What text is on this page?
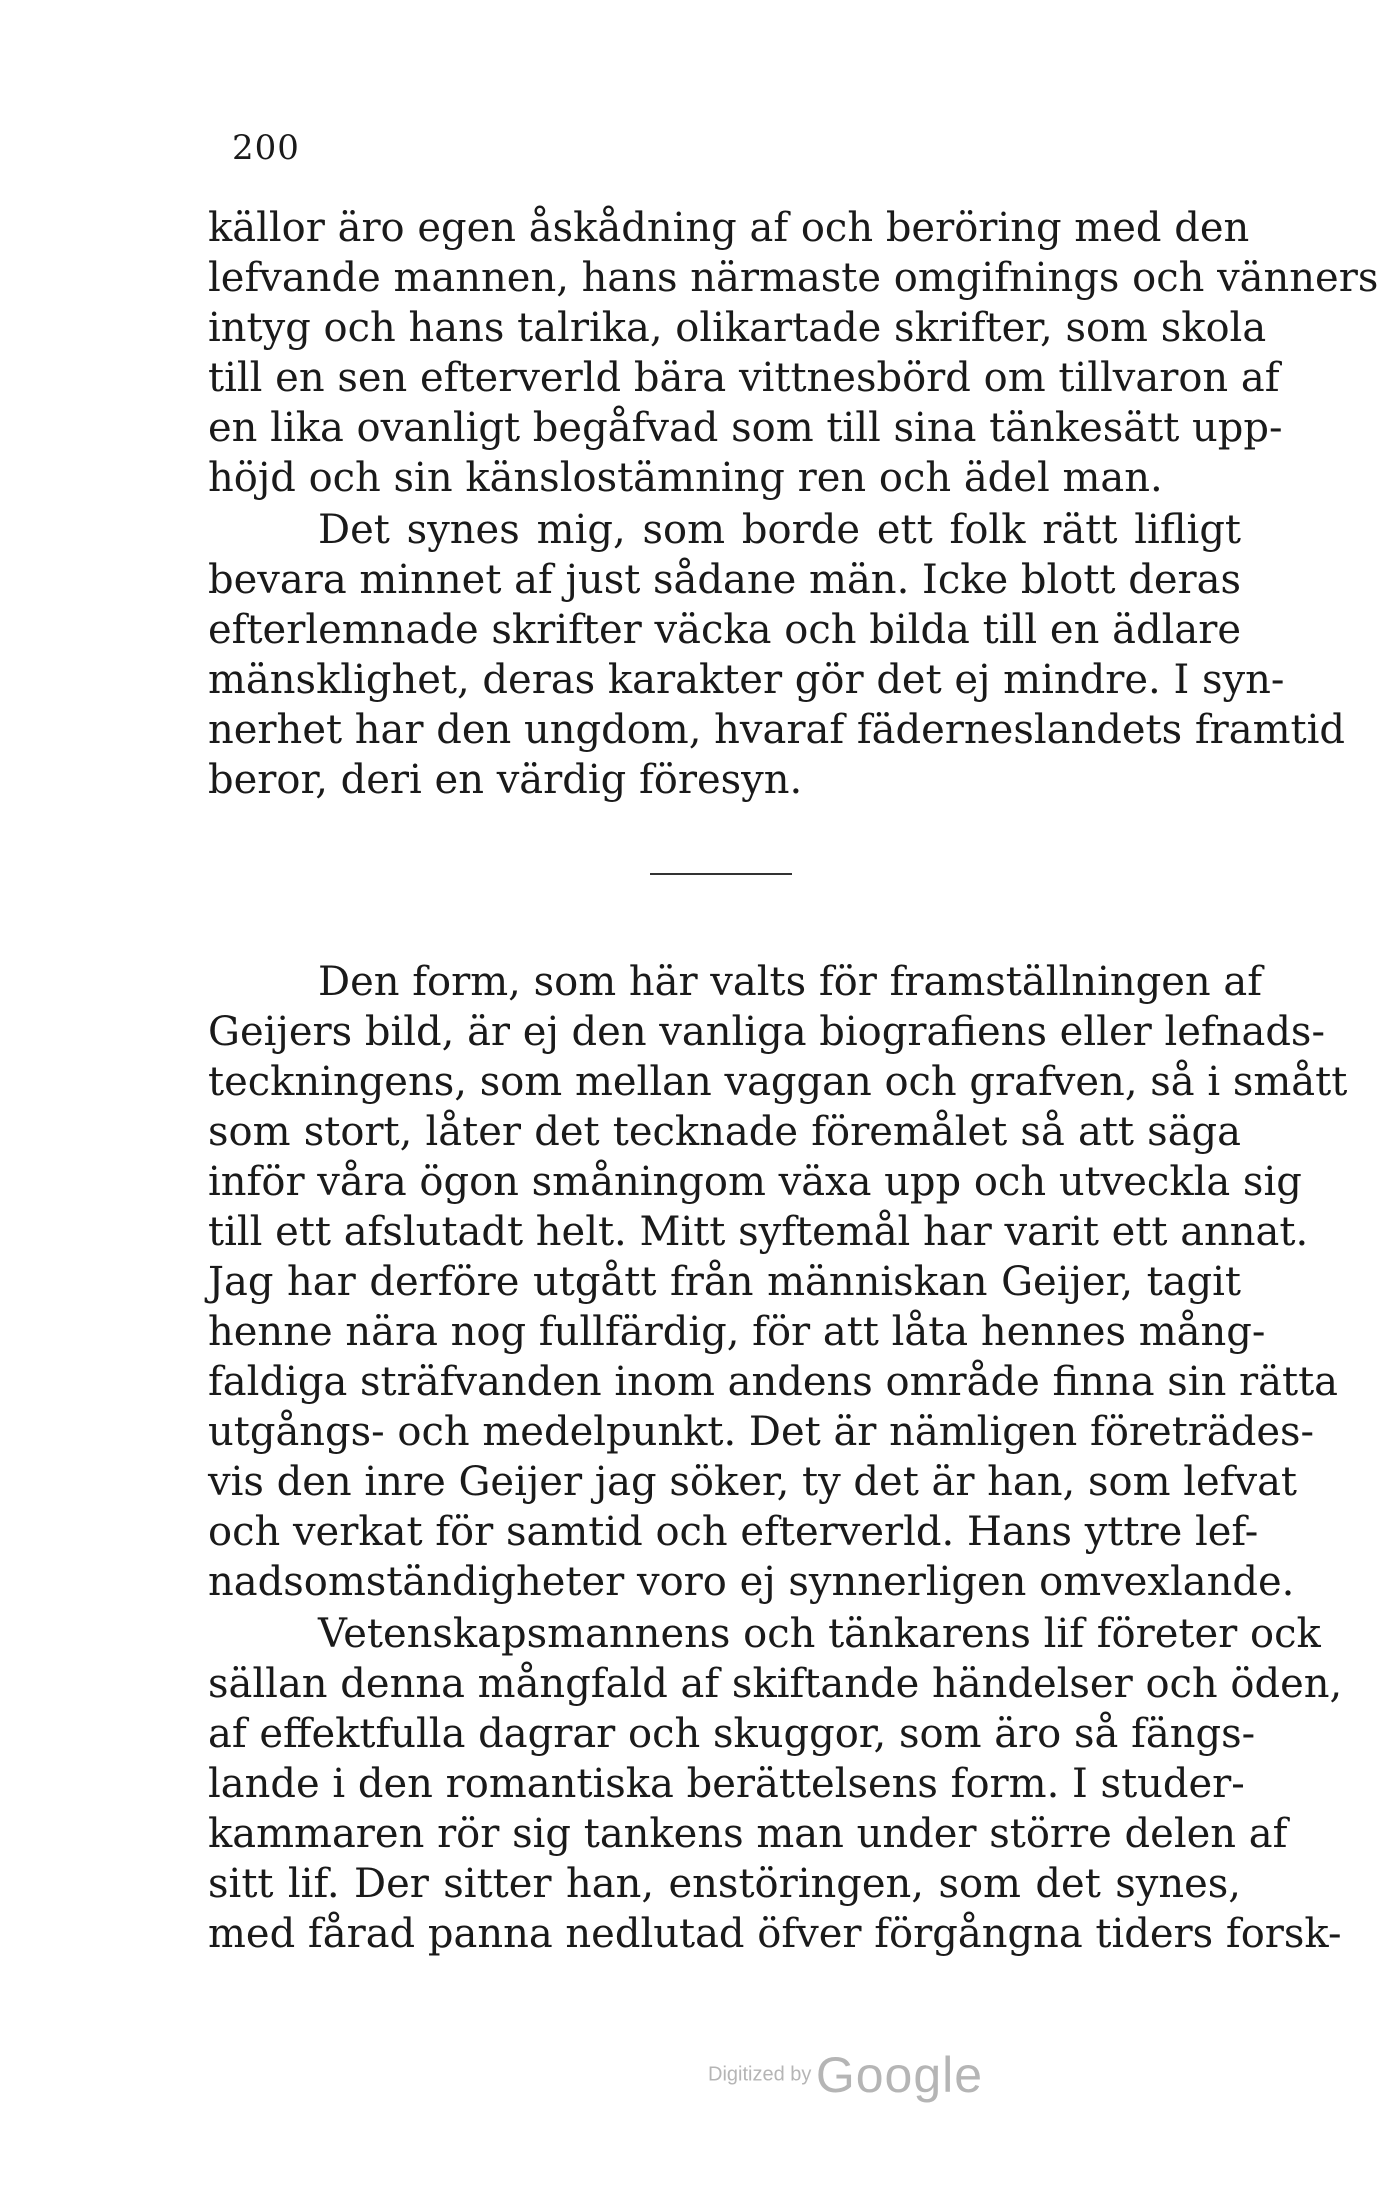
200
källor äro egen åskådning af och beröring med den
lefvande mannen, hans närmaste omgifnings och vänners
intyg och hans talrika, olikartade skrifter, som skola
till en sen efterverld bära vittnesbörd om tillvaron af
en lika ovanligt begåfvad som till sina tänkesätt upp-
höjd och sin känslostämning ren och ädel man.
Det synes mig, som borde ett folk rätt lifligt
bevara minnet af just sådane män. Icke blott deras
efterlemnade skrifter väcka och bilda till en ädlare
mänsklighet, deras karakter gör det ej mindre. I syn-
nerhet har den ungdom, hvaraf fäderneslandets framtid
beror, deri en värdig föresyn.
Den form, som här valts för framställningen af
Geijers bild, är ej den vanliga biografiens eller lefnads-
teckningens, som mellan vaggan och grafven, så i smått
som stort, låter det tecknade föremålet så att säga
inför våra ögon småningom växa upp och utveckla sig
till ett afslutadt helt. Mitt syftemål har varit ett annat.
Jag har derföre utgått från människan Geijer, tagit
henne nära nog fullfärdig, för att låta hennes mång-
faldiga sträfvanden inom andens område finna sin rätta
utgångs- och medelpunkt. Det är nämligen företrädes-
vis den inre Geijer jag söker, ty det är han, som lefvat
och verkat för samtid och efterverld. Hans yttre lef-
nadsomständigheter voro ej synnerligen omvexlande.
Vetenskapsmannens och tänkarens lif företer ock
sällan denna mångfald af skiftande händelser och öden,
af effektfulla dagrar och skuggor, som äro så fängs-
lande i den romantiska berättelsens form. I studer-
kammaren rör sig tankens man under större delen af
sitt lif. Der sitter han, enstöringen, som det synes,
med fårad panna nedlutad öfver förgångna tiders forsk-
Digitized by Google
